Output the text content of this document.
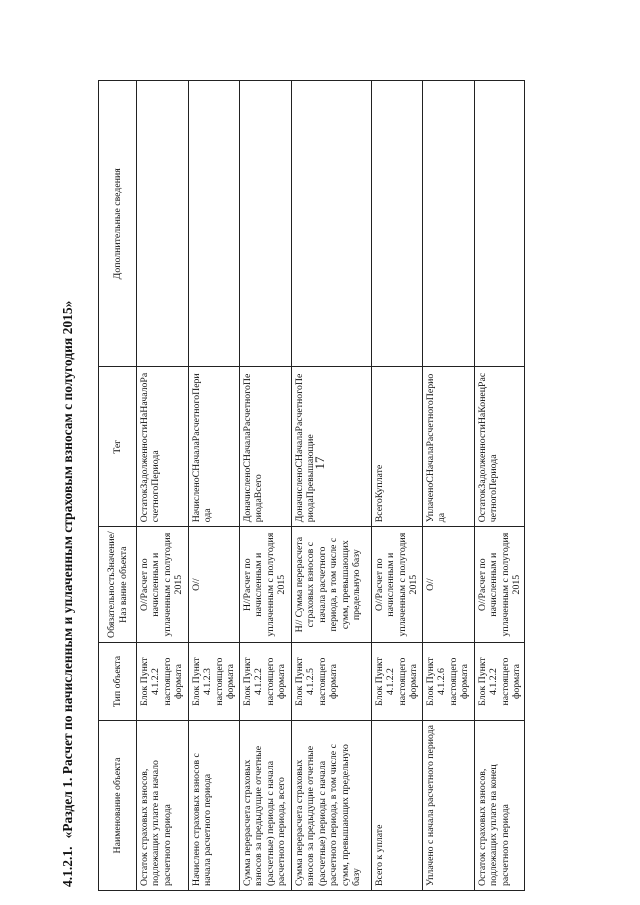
17
4.1.2.1.«Раздел 1. Расчет по начисленным и уплаченным страховым взносам с полугодия 2015»	Наименование объекта	Тип объекта	ОбязательностьЗначение/Наз вание объекта	Тег	Дополнительные сведения
Остаток страховых взносов, подлежащих уплате на начало расчетного периода	Блок Пункт 4.1.2.2 настоящего формата	О//Расчет по начисленным и уплаченным с полугодия 2015	ОстатокЗадолженностиНаНачалоРасчетногоПериода	
Начислено страховых взносов с начала расчетного периода	Блок Пункт 4.1.2.3 настоящего формата	О//	НачисленоСНачалаРасчетногоПериода	
Сумма перерасчета страховых взносов за предыдущие отчетные (расчетные) периоды с начала расчетного периода, всего	Блок Пункт 4.1.2.2 настоящего формата	Н//Расчет по начисленным и уплаченным с полугодия 2015	ДоначисленоСНачалаРасчетногоПериодаВсего	
Сумма перерасчета страховых взносов за предыдущие отчетные (расчетные) периоды с начала расчетного периода, в том числе с сумм, превышающих предельную базу	Блок Пункт 4.1.2.5 настоящего формата	Н// Сумма перерасчета страховых взносов с начала расчетного периода, в том числе с сумм, превышающих предельную базу	ДоначисленоСНачалаРасчетногоПериодаПревышающие	
Всего к уплате	Блок Пункт 4.1.2.2 настоящего формата	О//Расчет по начисленным и уплаченным с полугодия 2015	ВсегоКуплате	
Уплачено с начала расчетного периода	Блок Пункт 4.1.2.6 настоящего формата	О//	УплаченоСНачалаРасчетногоПериода	
Остаток страховых взносов, подлежащих уплате на конец расчетного периода	Блок Пункт 4.1.2.2 настоящего формата	О//Расчет по начисленным и уплаченным с полугодия 2015	ОстатокЗадолженностиНаКонецРасчетногоПериода	
